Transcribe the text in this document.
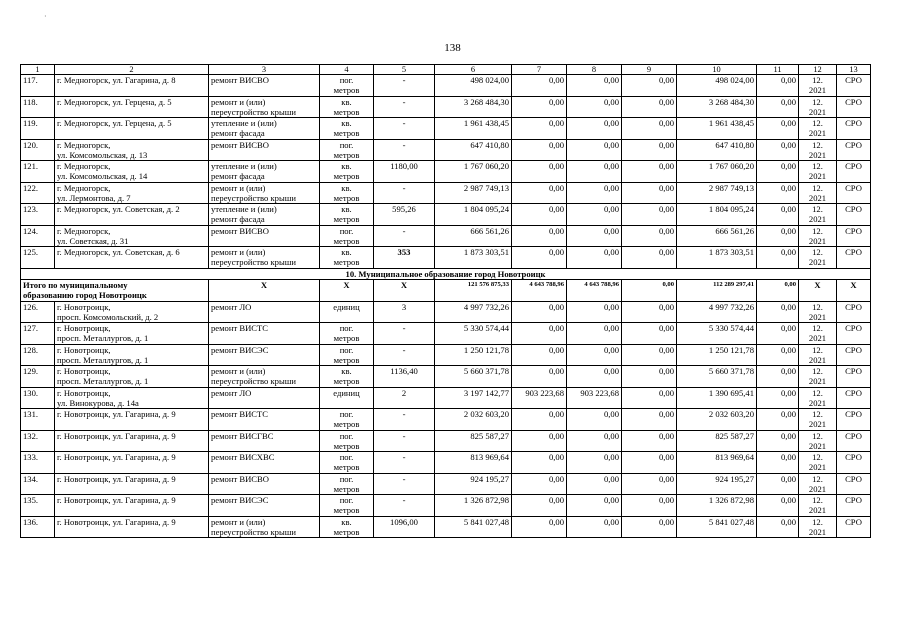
·
138
1	2	3	4	5	6	7	8	9	10	11	12	13
117.	г. Медногорск, ул. Гагарина, д. 8	ремонт ВИСВО	пог.
метров	-	498 024,00	0,00	0,00	0,00	498 024,00	0,00	12.
2021	СРО
118.	г. Медногорск, ул. Герцена, д. 5	ремонт и (или)
переустройство крыши	кв.
метров	-	3 268 484,30	0,00	0,00	0,00	3 268 484,30	0,00	12.
2021	СРО
119.	г. Медногорск, ул. Герцена, д. 5	утепление и (или)
ремонт фасада	кв.
метров	-	1 961 438,45	0,00	0,00	0,00	1 961 438,45	0,00	12.
2021	СРО
120.	г. Медногорск,
ул. Комсомольская, д. 13	ремонт ВИСВО	пог.
метров	-	647 410,80	0,00	0,00	0,00	647 410,80	0,00	12.
2021	СРО
121.	г. Медногорск,
ул. Комсомольская, д. 14	утепление и (или)
ремонт фасада	кв.
метров	1180,00	1 767 060,20	0,00	0,00	0,00	1 767 060,20	0,00	12.
2021	СРО
122.	г. Медногорск,
ул. Лермонтова, д. 7	ремонт и (или)
переустройство крыши	кв.
метров	-	2 987 749,13	0,00	0,00	0,00	2 987 749,13	0,00	12.
2021	СРО
123.	г. Медногорск, ул. Советская, д. 2	утепление и (или)
ремонт фасада	кв.
метров	595,26	1 804 095,24	0,00	0,00	0,00	1 804 095,24	0,00	12.
2021	СРО
124.	г. Медногорск,
ул. Советская, д. 31	ремонт ВИСВО	пог.
метров	-	666 561,26	0,00	0,00	0,00	666 561,26	0,00	12.
2021	СРО
125.	г. Медногорск, ул. Советская, д. 6	ремонт и (или)
переустройство крыши	кв.
метров	353	1 873 303,51	0,00	0,00	0,00	1 873 303,51	0,00	12.
2021	СРО
10. Муниципальное образование город Новотроицк												
Итого по муниципальному
образованию город Новотроицк		X	X	X	121 576 875,33	4 643 788,96	4 643 788,96	0,00	112 289 297,41	0,00	X	X
126.	г. Новотроицк,
просп. Комсомольский, д. 2	ремонт ЛО	единиц	3	4 997 732,26	0,00	0,00	0,00	4 997 732,26	0,00	12.
2021	СРО
127.	г. Новотроицк,
просп. Металлургов, д. 1	ремонт ВИСТС	пог.
метров	-	5 330 574,44	0,00	0,00	0,00	5 330 574,44	0,00	12.
2021	СРО
128.	г. Новотроицк,
просп. Металлургов, д. 1	ремонт ВИСЭС	пог.
метров	-	1 250 121,78	0,00	0,00	0,00	1 250 121,78	0,00	12.
2021	СРО
129.	г. Новотроицк,
просп. Металлургов, д. 1	ремонт и (или)
переустройство крыши	кв.
метров	1136,40	5 660 371,78	0,00	0,00	0,00	5 660 371,78	0,00	12.
2021	СРО
130.	г. Новотроицк,
ул. Винокурова, д. 14а	ремонт ЛО	единиц	2	3 197 142,77	903 223,68	903 223,68	0,00	1 390 695,41	0,00	12.
2021	СРО
131.	г. Новотроицк, ул. Гагарина, д. 9	ремонт ВИСТС	пог.
метров	-	2 032 603,20	0,00	0,00	0,00	2 032 603,20	0,00	12.
2021	СРО
132.	г. Новотроицк, ул. Гагарина, д. 9	ремонт ВИСГВС	пог.
метров	-	825 587,27	0,00	0,00	0,00	825 587,27	0,00	12.
2021	СРО
133.	г. Новотроицк, ул. Гагарина, д. 9	ремонт ВИСХВС	пог.
метров	-	813 969,64	0,00	0,00	0,00	813 969,64	0,00	12.
2021	СРО
134.	г. Новотроицк, ул. Гагарина, д. 9	ремонт ВИСВО	пог.
метров	-	924 195,27	0,00	0,00	0,00	924 195,27	0,00	12.
2021	СРО
135.	г. Новотроицк, ул. Гагарина, д. 9	ремонт ВИСЭС	пог.
метров	-	1 326 872,98	0,00	0,00	0,00	1 326 872,98	0,00	12.
2021	СРО
136.	г. Новотроицк, ул. Гагарина, д. 9	ремонт и (или)
переустройство крыши	кв.
метров	1096,00	5 841 027,48	0,00	0,00	0,00	5 841 027,48	0,00	12.
2021	СРО
